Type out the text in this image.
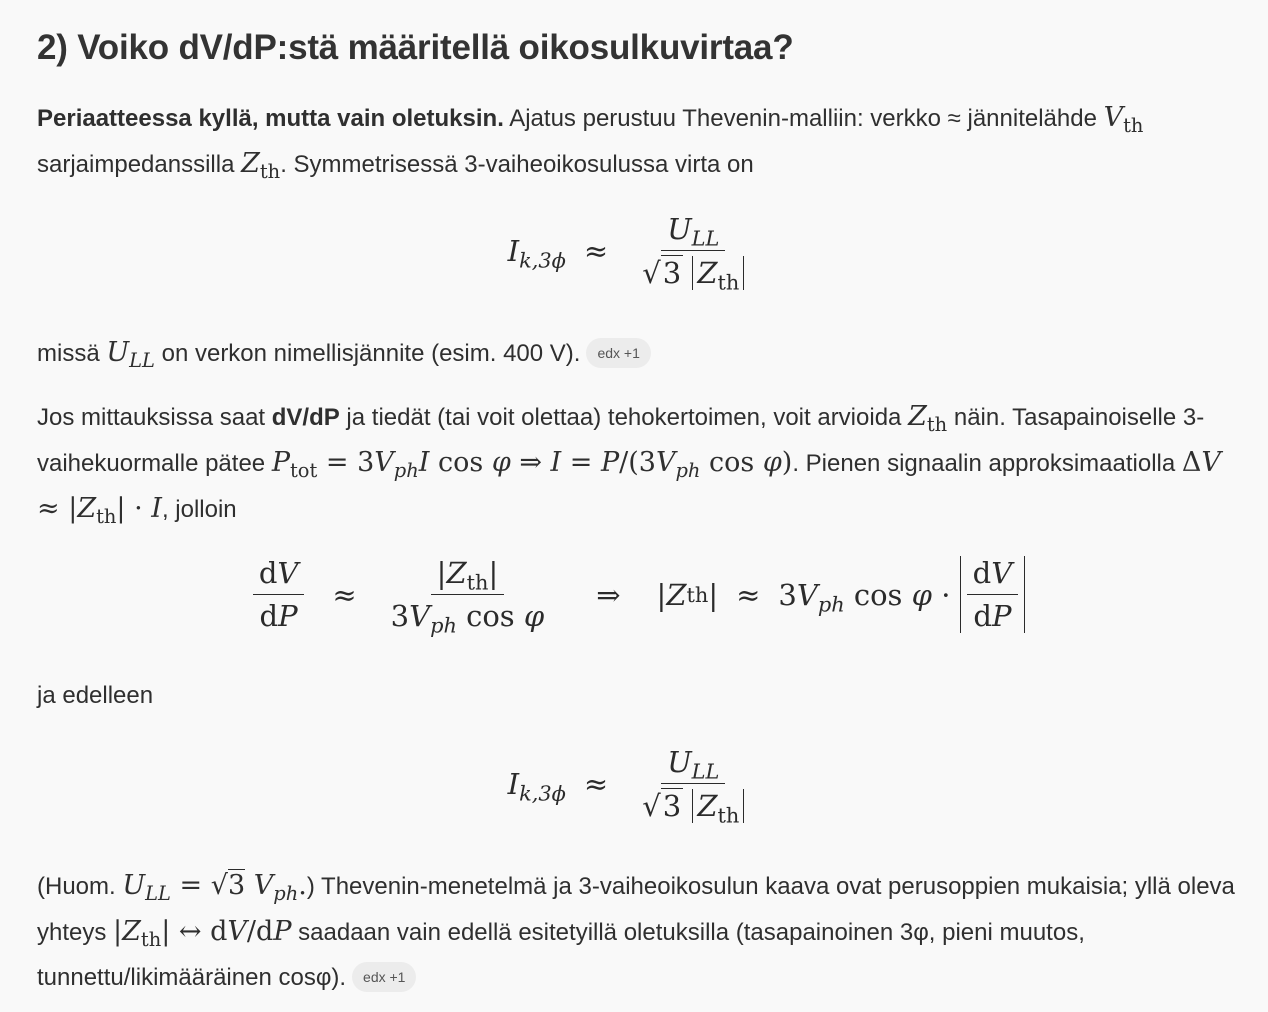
2) Voiko dV/dP:stä määritellä oikosulkuvirtaa?
Periaatteessa kyllä, mutta vain oletuksin. Ajatus perustuu Thevenin-malliin: verkko ≈ jännitelähde $V_{th}$
sarjaimpedanssilla $Z_{th}$. Symmetrisessä 3-vaiheoikosulussa virta on
$I_{k,3\phi} \approx \frac{U_{LL}}{√3 Z_{th}}$
missä $U_{LL}$ on verkon nimellisjännite (esim. 400 V). edx +1
Jos mittauksissa saat dV/dP ja tiedät (tai voit olettaa) tehokertoimen, voit arvioida $Z_{th}$ näin. Tasapainoiselle 3-vaihekuormalle pätee $P_{tot} = 3V_{ph}I$ cos φ ⇒ $I = P/(3V_{ph}$ cos φ). Pienen signaalin approksimaatiolla $\Delta V \approx |Z_{th}| \cdot I$, jolloin
$\frac{dV}{dP} \approx \frac{|Z_{th}|}{3V_{ph} \cos \varphi}$ ⇒
| Z th | ≈ 3 $V_{ph}$ $\cos \varphi \cdot \frac{dV}{dP}$
ja edelleen
$I_{k,3\phi} \approx \frac{U_{LL}}{√3 Z_{th}}$
(Huom. $U_{LL} = √3$ $V_{ph}$.) Thevenin-menetelmä ja 3-vaiheoikosulun kaava ovat perusoppien mukaisia; yllä oleva yhteys $|Z_{th}|$ ↔ dV/dP saadaan vain edellä esitetyillä oletuksilla (tasapainoinen 3φ, pieni muutos, tunnettu/likimääräinen cosφ). edx +1
